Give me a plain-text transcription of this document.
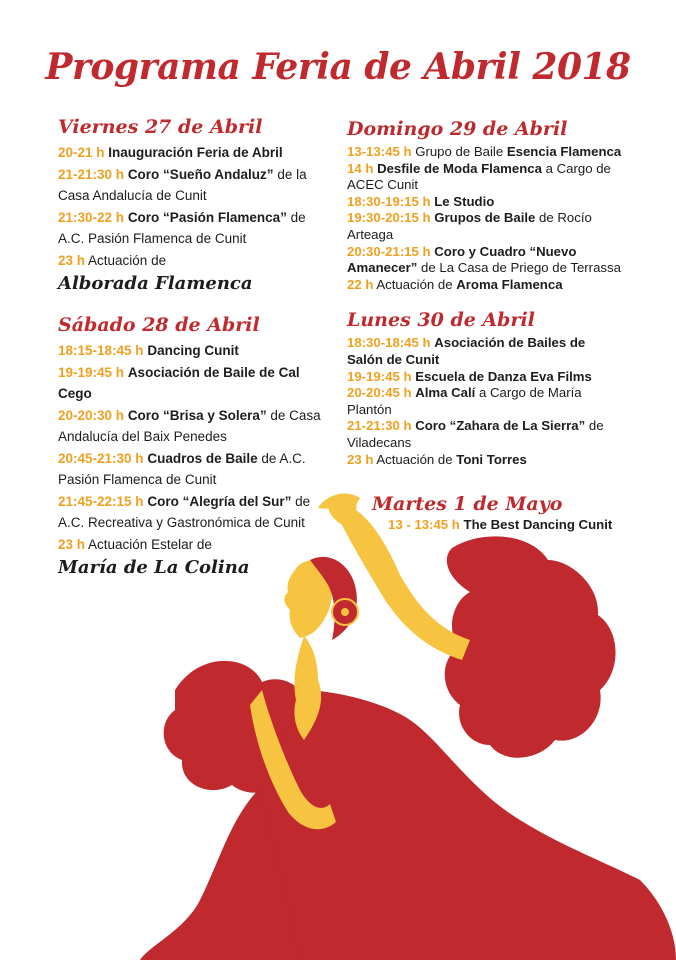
Programa Feria de Abril 2018
Viernes 27 de Abril
20-21 h Inauguración Feria de Abril
21-21:30 h Coro “Sueño Andaluz” de la Casa Andalucía de Cunit
21:30-22 h Coro “Pasión Flamenca” de A.C. Pasión Flamenca de Cunit
23 h Actuación de
Alborada Flamenca
Sábado 28 de Abril
18:15-18:45 h Dancing Cunit
19-19:45 h Asociación de Baile de Cal Cego
20-20:30 h Coro “Brisa y Solera” de Casa Andalucía del Baix Penedes
20:45-21:30 h Cuadros de Baile de A.C. Pasión Flamenca de Cunit
21:45-22:15 h Coro “Alegría del Sur” de A.C. Recreativa y Gastronómica de Cunit
23 h Actuación Estelar de
María de La Colina
Domingo 29 de Abril
13-13:45 h Grupo de Baile Esencia Flamenca
14 h Desfile de Moda Flamenca a Cargo de ACEC Cunit
18:30-19:15 h Le Studio
19:30-20:15 h Grupos de Baile de Rocío Arteaga
20:30-21:15 h Coro y Cuadro “Nuevo Amanecer” de La Casa de Priego de Terrassa
22 h Actuación de Aroma Flamenca
Lunes 30 de Abril
18:30-18:45 h Asociación de Bailes de Salón de Cunit
19-19:45 h Escuela de Danza Eva Films
20-20:45 h Alma Calí a Cargo de María Plantón
21-21:30 h Coro “Zahara de La Sierra” de Viladecans
23 h Actuación de Toni Torres
Martes 1 de Mayo
13 - 13:45 h The Best Dancing Cunit
